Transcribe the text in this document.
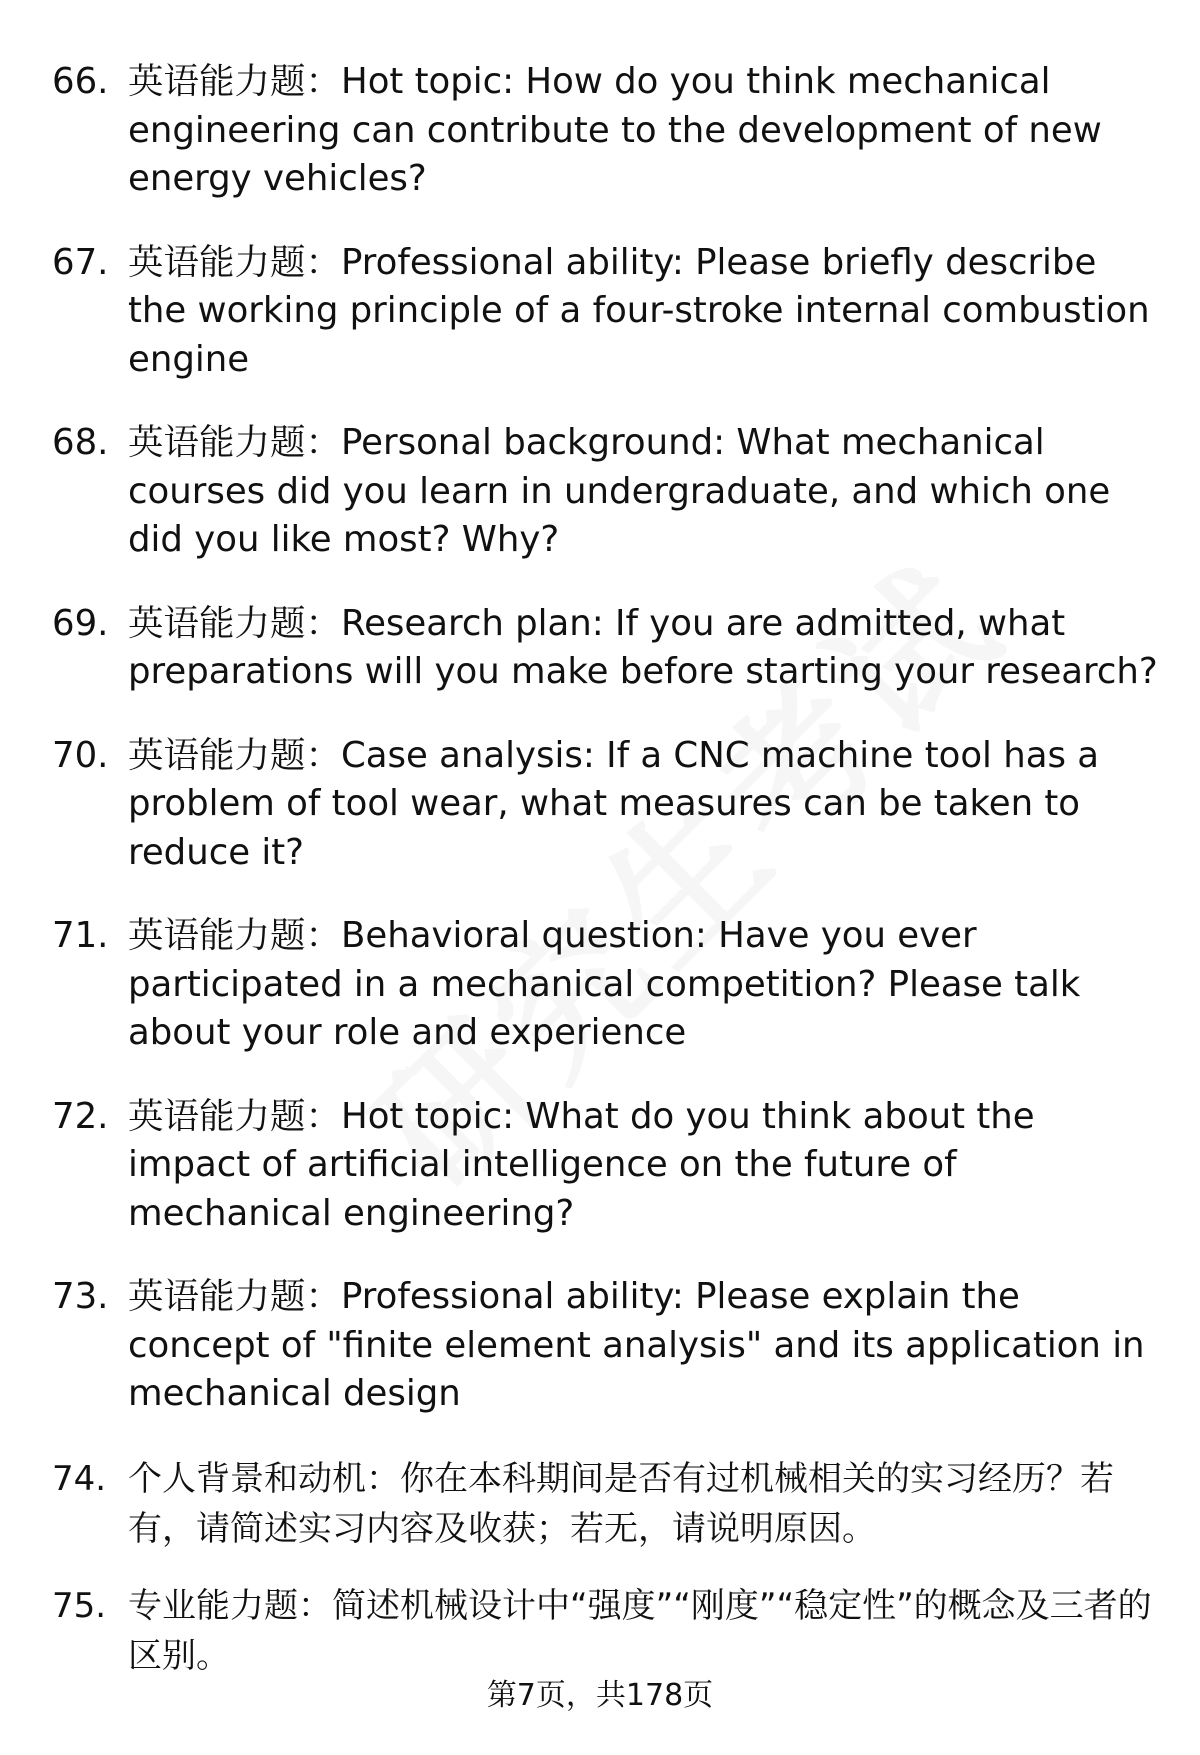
66. 英语能力题：Hot topic: How do you think mechanical engineering can contribute to the development of new energy vehicles?
67. 英语能力题：Professional ability: Please briefly describe the working principle of a four-stroke internal combustion engine
68. 英语能力题：Personal background: What mechanical courses did you learn in undergraduate, and which one did you like most? Why?
69. 英语能力题：Research plan: If you are admitted, what preparations will you make before starting your research?
70. 英语能力题：Case analysis: If a CNC machine tool has a problem of tool wear, what measures can be taken to reduce it?
71. 英语能力题：Behavioral question: Have you ever participated in a mechanical competition? Please talk about your role and experience
72. 英语能力题：Hot topic: What do you think about the impact of artificial intelligence on the future of mechanical engineering?
73. 英语能力题：Professional ability: Please explain the concept of "finite element analysis" and its application in mechanical design
74. 个人背景和动机：你在本科期间是否有过机械相关的实习经历？若有，请简述实习内容及收获；若无，请说明原因。
75. 专业能力题：简述机械设计中“强度”“刚度”“稳定性”的概念及三者的区别。
第7页，共178页
